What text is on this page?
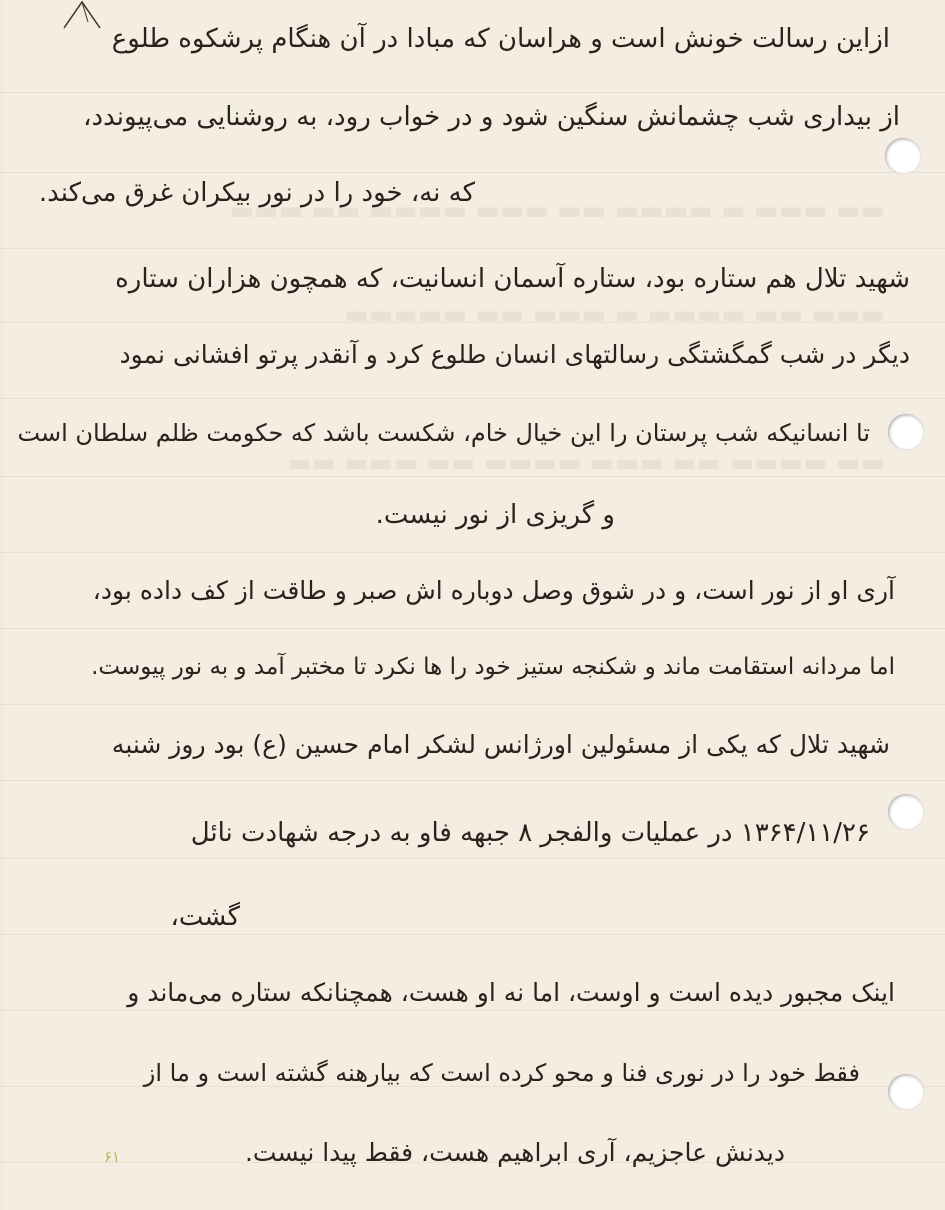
▬▬ ▬▬▬ ▬ ▬▬▬▬ ▬▬ ▬▬▬ ▬▬▬▬ ▬▬ ▬▬▬
▬▬▬ ▬▬ ▬▬▬▬ ▬ ▬▬▬ ▬▬ ▬▬▬▬▬
▬▬ ▬▬▬▬ ▬▬ ▬▬▬ ▬▬▬▬ ▬▬ ▬▬▬ ▬▬
ازاین رسالت خونش است و هراسان که مبادا در آن هنگام پرشکوه طلوع
از بیداری شب چشمانش سنگین شود و در خواب رود، به روشنایی می‌پیوندد،
که نه، خود را در نور بیکران غرق می‌کند.
شهید تلال هم ستاره بود، ستاره آسمان انسانیت، که همچون هزاران ستاره
دیگر در شب گمگشتگی رسالتهای انسان طلوع کرد و آنقدر پرتو افشانی نمود
تا انسانیکه شب پرستان را این خیال خام، شکست باشد که حکومت ظلم سلطان است
و گریزی از نور نیست.
آری او از نور است، و در شوق وصل دوباره اش صبر و طاقت از کف داده بود،
اما مردانه استقامت ماند و شکنجه ستیز خود را ها نکرد تا مختبر آمد و به نور پیوست.
شهید تلال که یکی از مسئولین اورژانس لشکر امام حسین (ع) بود روز شنبه
۱۳۶۴/۱۱/۲۶ در عملیات والفجر ۸ جبهه فاو به درجه شهادت نائل
گشت،
اینک مجبور دیده است و اوست، اما نه او هست، همچنانکه ستاره می‌ماند و
فقط خود را در نوری فنا و محو کرده است که بیارهنه گشته است و ما از
دیدنش عاجزیم، آری ابراهیم هست، فقط پیدا نیست.
۶۱
